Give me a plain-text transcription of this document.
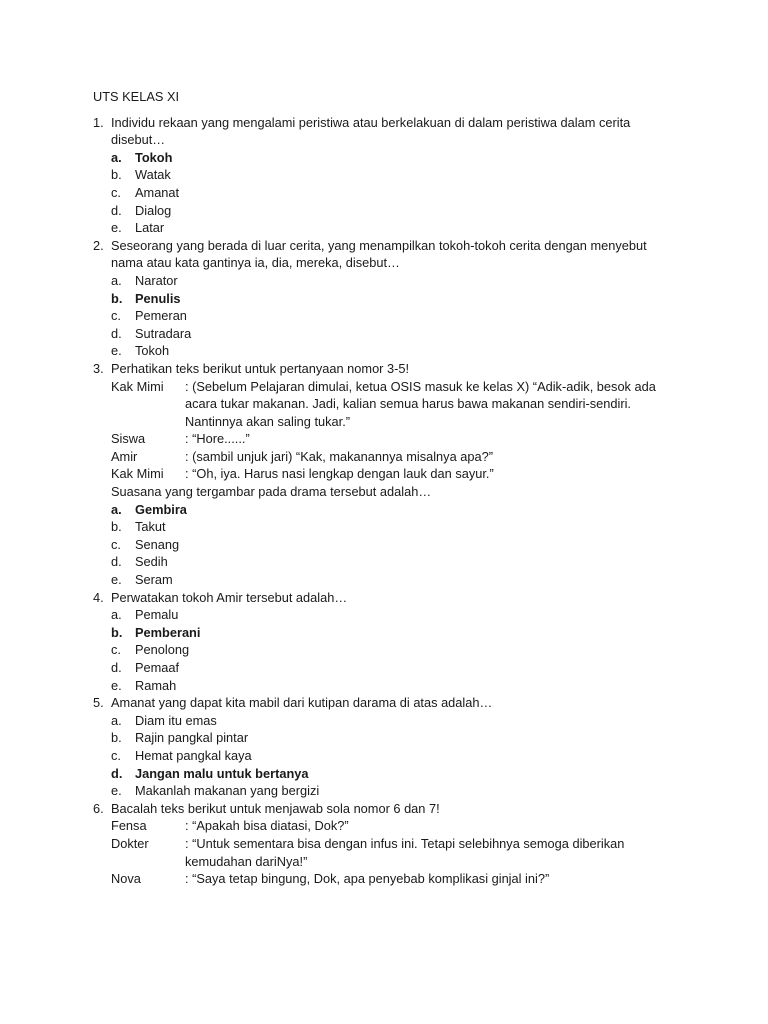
UTS KELAS XI
1. Individu rekaan yang mengalami peristiwa atau berkelakuan di dalam peristiwa dalam cerita disebut…
a. Tokoh
b. Watak
c. Amanat
d. Dialog
e. Latar
2. Seseorang yang berada di luar cerita, yang menampilkan tokoh-tokoh cerita dengan menyebut nama atau kata gantinya ia, dia, mereka, disebut…
a. Narator
b. Penulis
c. Pemeran
d. Sutradara
e. Tokoh
3. Perhatikan teks berikut untuk pertanyaan nomor 3-5!
Kak Mimi : (Sebelum Pelajaran dimulai, ketua OSIS masuk ke kelas X) “Adik-adik, besok ada acara tukar makanan. Jadi, kalian semua harus bawa makanan sendiri-sendiri. Nantinnya akan saling tukar.”
Siswa	: “Hore......”
Amir	: (sambil unjuk jari) “Kak, makanannya misalnya apa?”
Kak Mimi : “Oh, iya. Harus nasi lengkap dengan lauk dan sayur.”
Suasana yang tergambar pada drama tersebut adalah…
a. Gembira
b. Takut
c. Senang
d. Sedih
e. Seram
4. Perwatakan tokoh Amir tersebut adalah…
a. Pemalu
b. Pemberani
c. Penolong
d. Pemaaf
e. Ramah
5. Amanat yang dapat kita mabil dari kutipan darama di atas adalah…
a. Diam itu emas
b. Rajin pangkal pintar
c. Hemat pangkal kaya
d. Jangan malu untuk bertanya
e. Makanlah makanan yang bergizi
6. Bacalah teks berikut untuk menjawab sola nomor 6 dan 7!
Fensa	: “Apakah bisa diatasi, Dok?”
Dokter	: “Untuk sementara bisa dengan infus ini. Tetapi selebihnya semoga diberikan kemudahan dariNya!”
Nova	: “Saya tetap bingung, Dok, apa penyebab komplikasi ginjal ini?”
